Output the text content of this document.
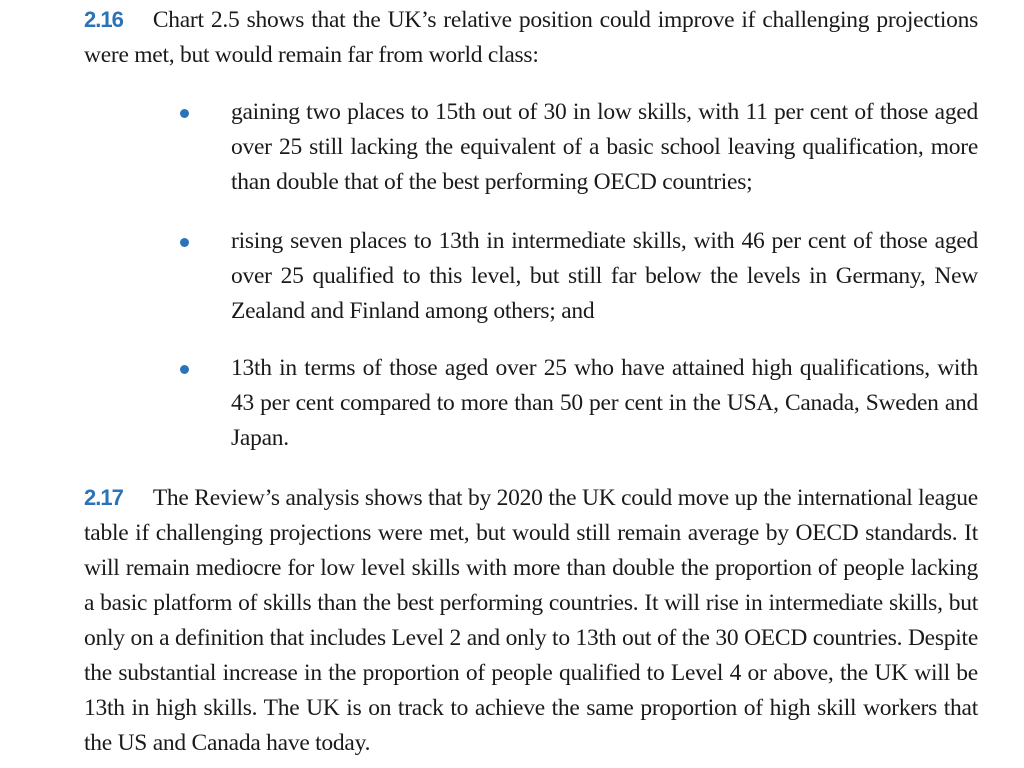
2.16 Chart 2.5 shows that the UK’s relative position could improve if challenging projections were met, but would remain far from world class:

gaining two places to 15th out of 30 in low skills, with 11 per cent of those aged over 25 still lacking the equivalent of a basic school leaving qualification, more than double that of the best performing OECD countries;

rising seven places to 13th in intermediate skills, with 46 per cent of those aged over 25 qualified to this level, but still far below the levels in Germany, New Zealand and Finland among others; and

13th in terms of those aged over 25 who have attained high qualifications, with 43 per cent compared to more than 50 per cent in the USA, Canada, Sweden and Japan.

2.17 The Review’s analysis shows that by 2020 the UK could move up the international league table if challenging projections were met, but would still remain average by OECD standards. It will remain mediocre for low level skills with more than double the proportion of people lacking a basic platform of skills than the best performing countries. It will rise in intermediate skills, but only on a definition that includes Level 2 and only to 13th out of the 30 OECD countries. Despite the substantial increase in the proportion of people qualified to Level 4 or above, the UK will be 13th in high skills. The UK is on track to achieve the same proportion of high skill workers that the US and Canada have today.
